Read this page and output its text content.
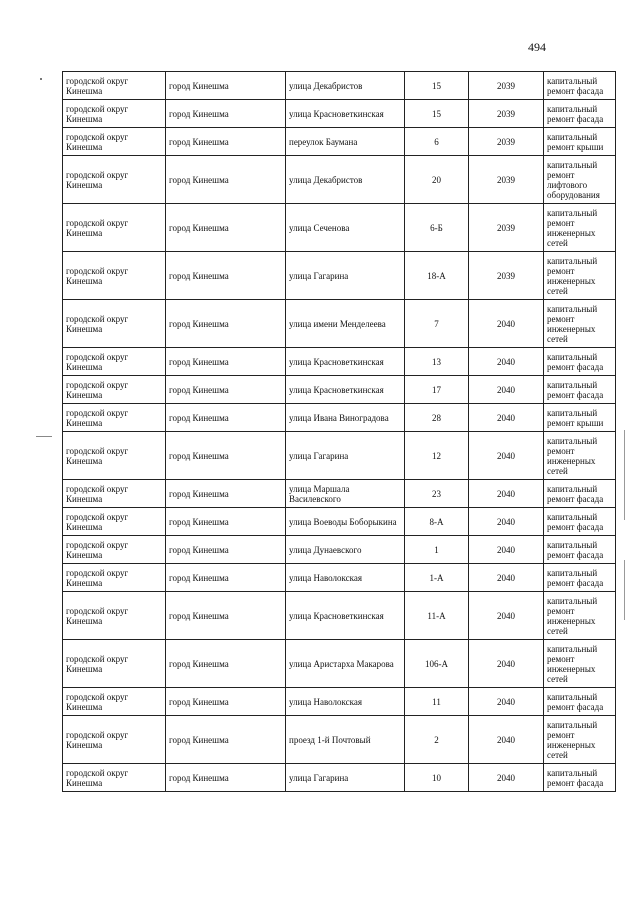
494
городской округ Кинешма	город Кинешма	улица Декабристов	15	2039	капитальный ремонт фасада
городской округ Кинешма	город Кинешма	улица Красноветкинская	15	2039	капитальный ремонт фасада
городской округ Кинешма	город Кинешма	переулок Баумана	6	2039	капитальный ремонт крыши
городской округ Кинешма	город Кинешма	улица Декабристов	20	2039	капитальный ремонт лифтового оборудования
городской округ Кинешма	город Кинешма	улица Сеченова	6-Б	2039	капитальный ремонт инженерных сетей
городской округ Кинешма	город Кинешма	улица Гагарина	18-А	2039	капитальный ремонт инженерных сетей
городской округ Кинешма	город Кинешма	улица имени Менделеева	7	2040	капитальный ремонт инженерных сетей
городской округ Кинешма	город Кинешма	улица Красноветкинская	13	2040	капитальный ремонт фасада
городской округ Кинешма	город Кинешма	улица Красноветкинская	17	2040	капитальный ремонт фасада
городской округ Кинешма	город Кинешма	улица Ивана Виноградова	28	2040	капитальный ремонт крыши
городской округ Кинешма	город Кинешма	улица Гагарина	12	2040	капитальный ремонт инженерных сетей
городской округ Кинешма	город Кинешма	улица Маршала Василевского	23	2040	капитальный ремонт фасада
городской округ Кинешма	город Кинешма	улица Воеводы Боборыкина	8-А	2040	капитальный ремонт фасада
городской округ Кинешма	город Кинешма	улица Дунаевского	1	2040	капитальный ремонт фасада
городской округ Кинешма	город Кинешма	улица Наволокская	1-А	2040	капитальный ремонт фасада
городской округ Кинешма	город Кинешма	улица Красноветкинская	11-А	2040	капитальный ремонт инженерных сетей
городской округ Кинешма	город Кинешма	улица Аристарха Макарова	106-А	2040	капитальный ремонт инженерных сетей
городской округ Кинешма	город Кинешма	улица Наволокская	11	2040	капитальный ремонт фасада
городской округ Кинешма	город Кинешма	проезд 1-й Почтовый	2	2040	капитальный ремонт инженерных сетей
городской округ Кинешма	город Кинешма	улица Гагарина	10	2040	капитальный ремонт фасада
